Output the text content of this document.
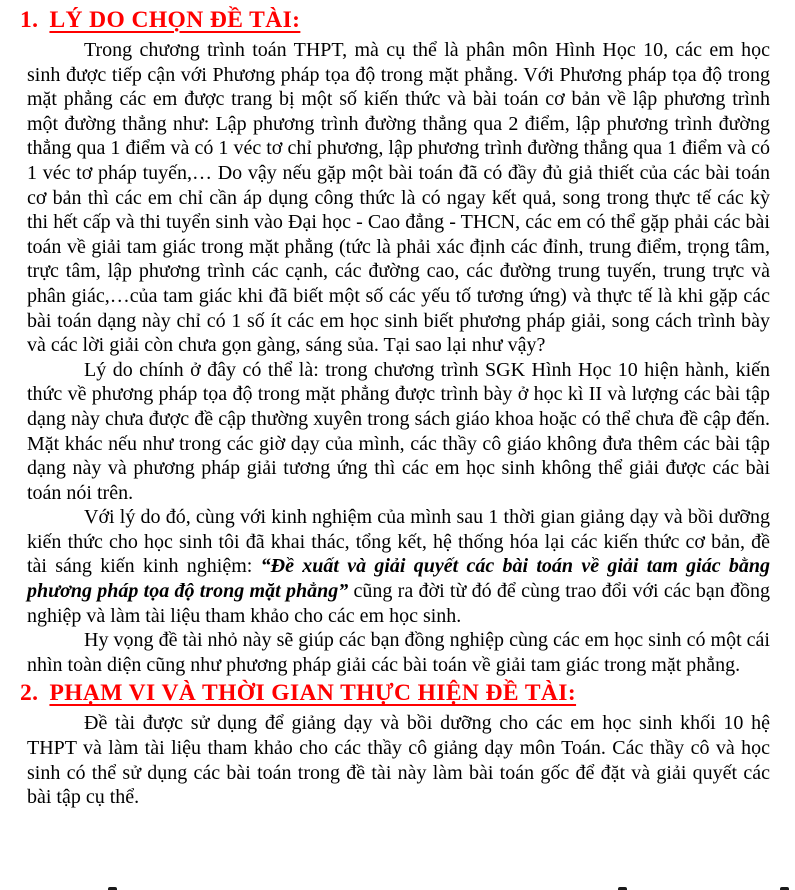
1. LÝ DO CHỌN ĐỀ TÀI:

Trong chương trình toán THPT, mà cụ thể là phân môn Hình Học 10, các em học sinh được tiếp cận với Phương pháp tọa độ trong mặt phẳng. Với Phương pháp tọa độ trong mặt phẳng các em được trang bị một số kiến thức và bài toán cơ bản về lập phương trình một đường thẳng như: Lập phương trình đường thẳng qua 2 điểm, lập phương trình đường thẳng qua 1 điểm và có 1 véc tơ chỉ phương, lập phương trình đường thẳng qua 1 điểm và có 1 véc tơ pháp tuyến,… Do vậy nếu gặp một bài toán đã có đầy đủ giả thiết của các bài toán cơ bản thì các em chỉ cần áp dụng công thức là có ngay kết quả, song trong thực tế các kỳ thi hết cấp và thi tuyển sinh vào Đại học - Cao đẳng - THCN, các em có thể gặp phải các bài toán về giải tam giác trong mặt phẳng (tức là phải xác định các đỉnh, trung điểm, trọng tâm, trực tâm, lập phương trình các cạnh, các đường cao, các đường trung tuyến, trung trực và phân giác,…của tam giác khi đã biết một số các yếu tố tương ứng) và thực tế là khi gặp các bài toán dạng này chỉ có 1 số ít các em học sinh biết phương pháp giải, song cách trình bày và các lời giải còn chưa gọn gàng, sáng sủa. Tại sao lại như vậy?

Lý do chính ở đây có thể là: trong chương trình SGK Hình Học 10 hiện hành, kiến thức về phương pháp tọa độ trong mặt phẳng được trình bày ở học kì II và lượng các bài tập dạng này chưa được đề cập thường xuyên trong sách giáo khoa hoặc có thể chưa đề cập đến. Mặt khác nếu như trong các giờ dạy của mình, các thầy cô giáo không đưa thêm các bài tập dạng này và phương pháp giải tương ứng thì các em học sinh không thể giải được các bài toán nói trên.

Với lý do đó, cùng với kinh nghiệm của mình sau 1 thời gian giảng dạy và bồi dưỡng kiến thức cho học sinh tôi đã khai thác, tổng kết, hệ thống hóa lại các kiến thức cơ bản, đề tài sáng kiến kinh nghiệm: “Đề xuất và giải quyết các bài toán về giải tam giác bằng phương pháp tọa độ trong mặt phẳng” cũng ra đời từ đó để cùng trao đổi với các bạn đồng nghiệp và làm tài liệu tham khảo cho các em học sinh.

Hy vọng đề tài nhỏ này sẽ giúp các bạn đồng nghiệp cùng các em học sinh có một cái nhìn toàn diện cũng như phương pháp giải các bài toán về giải tam giác trong mặt phẳng.

2. PHẠM VI VÀ THỜI GIAN THỰC HIỆN ĐỀ TÀI:

Đề tài được sử dụng để giảng dạy và bồi dưỡng cho các em học sinh khối 10 hệ THPT và làm tài liệu tham khảo cho các thầy cô giảng dạy môn Toán. Các thầy cô và học sinh có thể sử dụng các bài toán trong đề tài này làm bài toán gốc để đặt và giải quyết các bài tập cụ thể.
